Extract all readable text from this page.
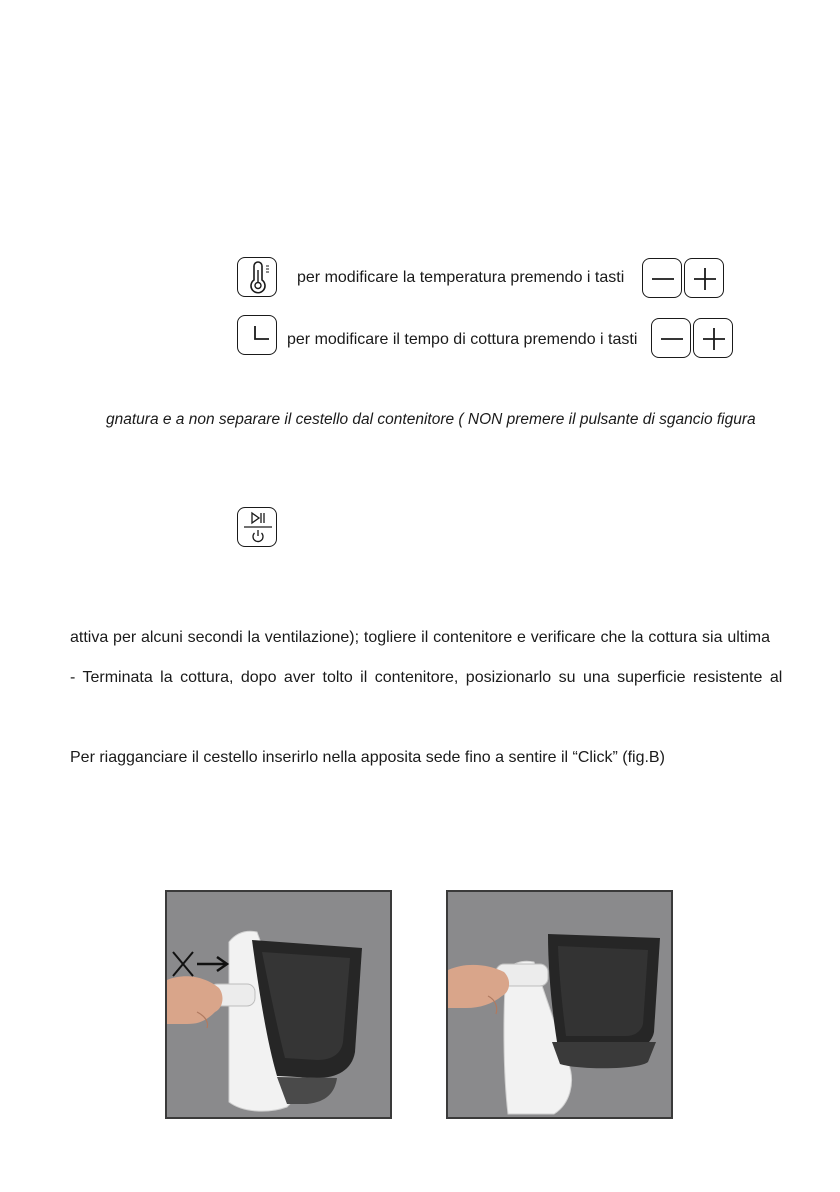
per modificare la temperatura premendo i tasti
per modificare il tempo di cottura premendo i tasti
gnatura e a non separare il cestello dal contenitore ( NON premere il pulsante di sgancio figura
attiva per alcuni secondi la ventilazione); togliere il contenitore e verificare che la cottura sia ultima
- Terminata la cottura, dopo aver tolto il contenitore, posizionarlo su una superficie resistente al
Per riagganciare il cestello inserirlo nella apposita sede fino a sentire il “Click” (fig.B)
